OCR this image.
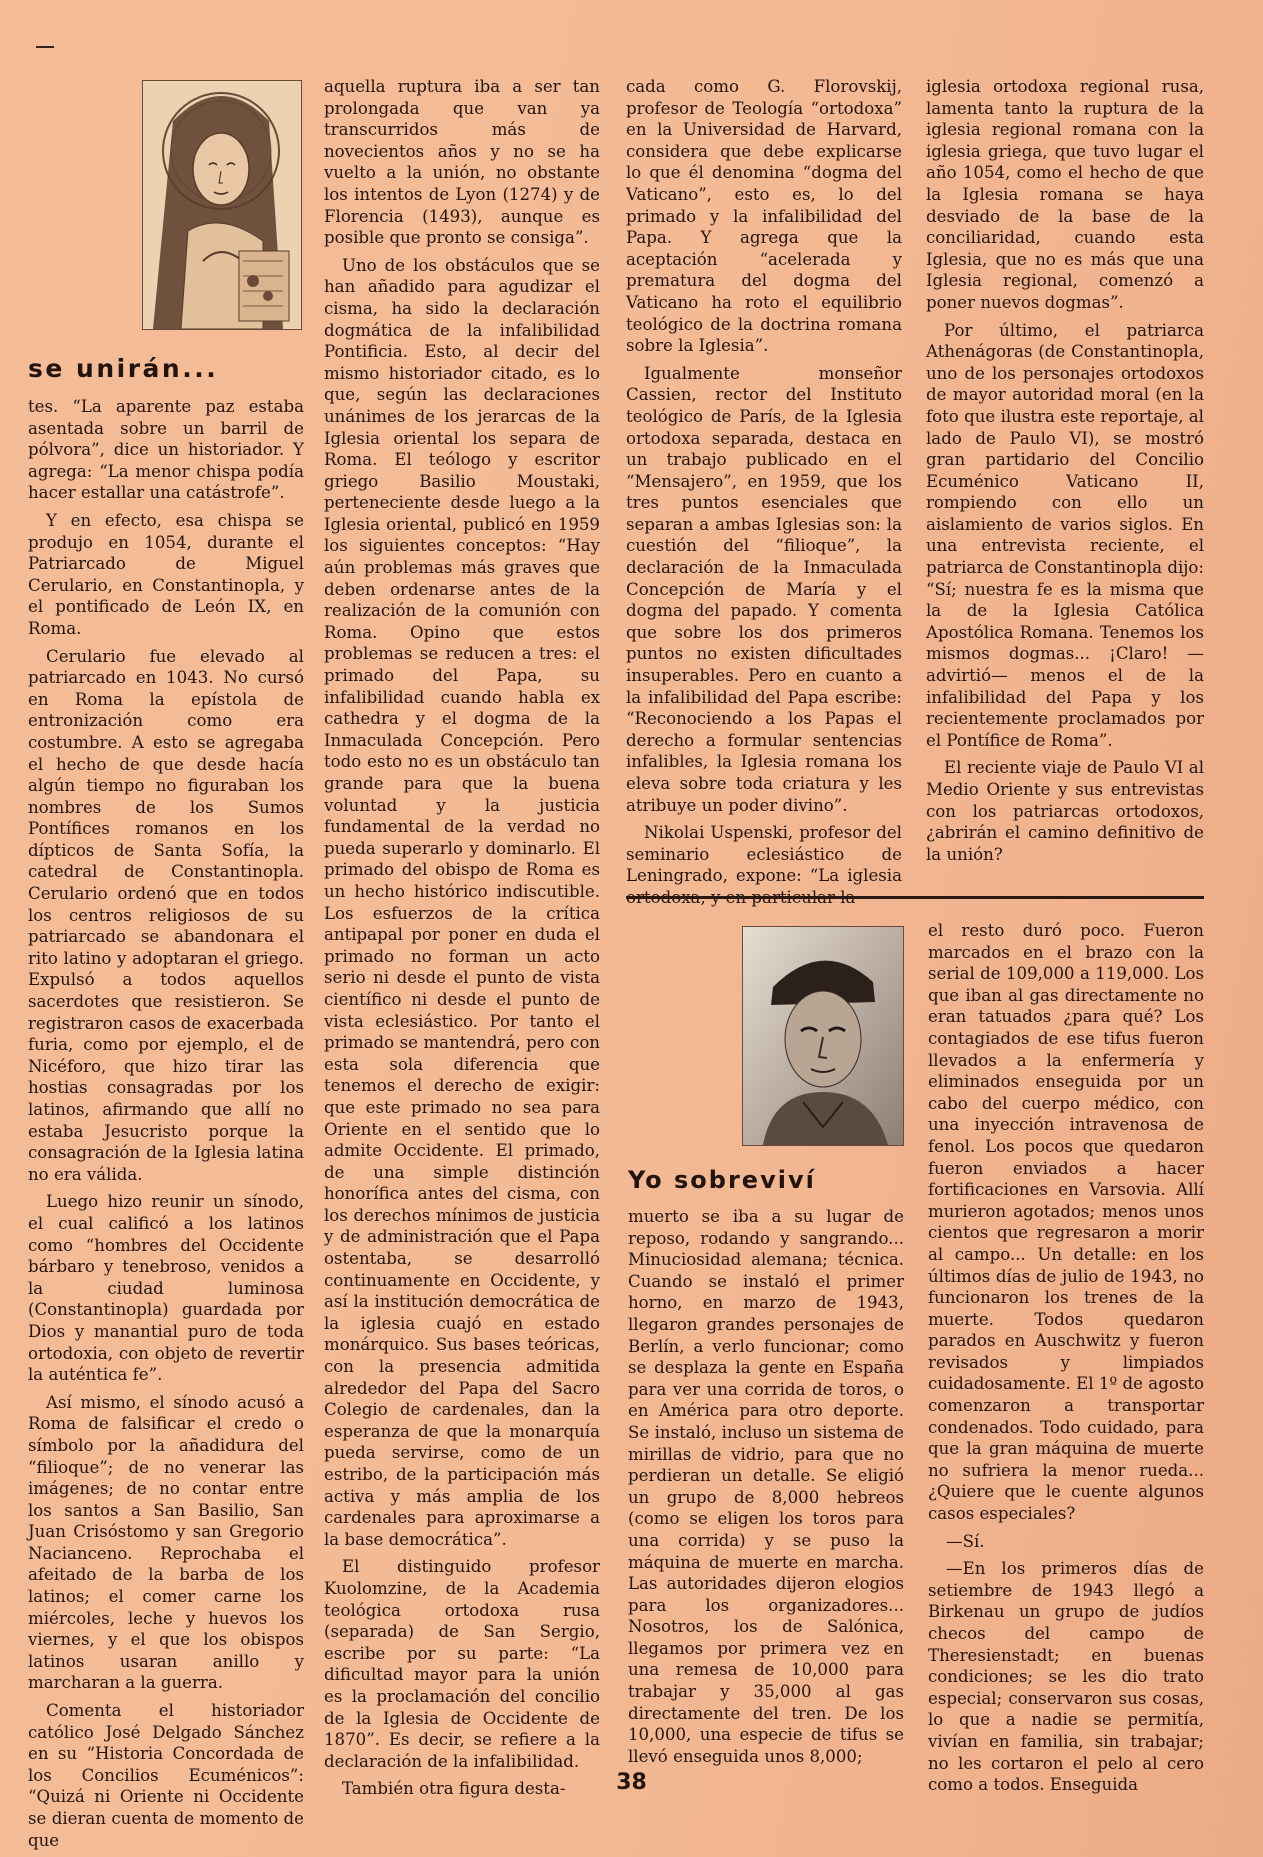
se unirán...

tes. “La aparente paz estaba asentada sobre un barril de pólvora”, dice un historiador. Y agrega: “La menor chispa podía hacer estallar una catástrofe”.

Y en efecto, esa chispa se produjo en 1054, durante el Patriarcado de Miguel Cerulario, en Constantinopla, y el pontificado de León IX, en Roma.

Cerulario fue elevado al patriarcado en 1043. No cursó en Roma la epístola de entronización como era costumbre. A esto se agregaba el hecho de que desde hacía algún tiempo no figuraban los nombres de los Sumos Pontífices romanos en los dípticos de Santa Sofía, la catedral de Constantinopla. Cerulario ordenó que en todos los centros religiosos de su patriarcado se abandonara el rito latino y adoptaran el griego. Expulsó a todos aquellos sacerdotes que resistieron. Se registraron casos de exacerbada furia, como por ejemplo, el de Nicéforo, que hizo tirar las hostias consagradas por los latinos, afirmando que allí no estaba Jesucristo porque la consagración de la Iglesia latina no era válida.

Luego hizo reunir un sínodo, el cual calificó a los latinos como “hombres del Occidente bárbaro y tenebroso, venidos a la ciudad luminosa (Constantinopla) guardada por Dios y manantial puro de toda ortodoxia, con objeto de revertir la auténtica fe”.

Así mismo, el sínodo acusó a Roma de falsificar el credo o símbolo por la añadidura del “filioque”; de no venerar las imágenes; de no contar entre los santos a San Basilio, San Juan Crisóstomo y san Gregorio Nacianceno. Reprochaba el afeitado de la barba de los latinos; el comer carne los miércoles, leche y huevos los viernes, y el que los obispos latinos usaran anillo y marcharan a la guerra.

Comenta el historiador católico José Delgado Sánchez en su “Historia Concordada de los Concilios Ecuménicos”: “Quizá ni Oriente ni Occidente se dieran cuenta de momento de que

aquella ruptura iba a ser tan prolongada que van ya transcurridos más de novecientos años y no se ha vuelto a la unión, no obstante los intentos de Lyon (1274) y de Florencia (1493), aunque es posible que pronto se consiga”.

Uno de los obstáculos que se han añadido para agudizar el cisma, ha sido la declaración dogmática de la infalibilidad Pontificia. Esto, al decir del mismo historiador citado, es lo que, según las declaraciones unánimes de los jerarcas de la Iglesia oriental los separa de Roma. El teólogo y escritor griego Basilio Moustaki, perteneciente desde luego a la Iglesia oriental, publicó en 1959 los siguientes conceptos: “Hay aún problemas más graves que deben ordenarse antes de la realización de la comunión con Roma. Opino que estos problemas se reducen a tres: el primado del Papa, su infalibilidad cuando habla ex cathedra y el dogma de la Inmaculada Concepción. Pero todo esto no es un obstáculo tan grande para que la buena voluntad y la justicia fundamental de la verdad no pueda superarlo y dominarlo. El primado del obispo de Roma es un hecho histórico indiscutible. Los esfuerzos de la crítica antipapal por poner en duda el primado no forman un acto serio ni desde el punto de vista científico ni desde el punto de vista eclesiástico. Por tanto el primado se mantendrá, pero con esta sola diferencia que tenemos el derecho de exigir: que este primado no sea para Oriente en el sentido que lo admite Occidente. El primado, de una simple distinción honorífica antes del cisma, con los derechos mínimos de justicia y de administración que el Papa ostentaba, se desarrolló continuamente en Occidente, y así la institución democrática de la iglesia cuajó en estado monárquico. Sus bases teóricas, con la presencia admitida alrededor del Papa del Sacro Colegio de cardenales, dan la esperanza de que la monarquía pueda servirse, como de un estribo, de la participación más activa y más amplia de los cardenales para aproximarse a la base democrática”.

El distinguido profesor Kuolomzine, de la Academia teológica ortodoxa rusa (separada) de San Sergio, escribe por su parte: “La dificultad mayor para la unión es la proclamación del concilio de la Iglesia de Occidente de 1870”. Es decir, se refiere a la declaración de la infalibilidad.

También otra figura desta-

cada como G. Florovskij, profesor de Teología “ortodoxa” en la Universidad de Harvard, considera que debe explicarse lo que él denomina “dogma del Vaticano”, esto es, lo del primado y la infalibilidad del Papa. Y agrega que la aceptación “acelerada y prematura del dogma del Vaticano ha roto el equilibrio teológico de la doctrina romana sobre la Iglesia”.

Igualmente monseñor Cassien, rector del Instituto teológico de París, de la Iglesia ortodoxa separada, destaca en un trabajo publicado en el “Mensajero”, en 1959, que los tres puntos esenciales que separan a ambas Iglesias son: la cuestión del “filioque”, la declaración de la Inmaculada Concepción de María y el dogma del papado. Y comenta que sobre los dos primeros puntos no existen dificultades insuperables. Pero en cuanto a la infalibilidad del Papa escribe: “Reconociendo a los Papas el derecho a formular sentencias infalibles, la Iglesia romana los eleva sobre toda criatura y les atribuye un poder divino”.

Nikolai Uspenski, profesor del seminario eclesiástico de Leningrado, expone: “La iglesia

iglesia ortodoxa regional rusa, lamenta tanto la ruptura de la iglesia regional romana con la iglesia griega, que tuvo lugar el año 1054, como el hecho de que la Iglesia romana se haya desviado de la base de la conciliaridad, cuando esta Iglesia, que no es más que una Iglesia regional, comenzó a poner nuevos dogmas”.

Por último, el patriarca Athenágoras (de Constantinopla, uno de los personajes ortodoxos de mayor autoridad moral (en la foto que ilustra este reportaje, al lado de Paulo VI), se mostró gran partidario del Concilio Ecuménico Vaticano II, rompiendo con ello un aislamiento de varios siglos. En una entrevista reciente, el patriarca de Constantinopla dijo: “Sí; nuestra fe es la misma que la de la Iglesia Católica Apostólica Romana. Tenemos los mismos dogmas... ¡Claro! —advirtió— menos el de la infalibilidad del Papa y los recientemente proclamados por el Pontífice de Roma”.

El reciente viaje de Paulo VI al Medio Oriente y sus entrevistas con los patriarcas ortodoxos, ¿abrirán el camino definitivo de la unión?

Yo sobreviví

muerto se iba a su lugar de reposo, rodando y sangrando... Minuciosidad alemana; técnica. Cuando se instaló el primer horno, en marzo de 1943, llegaron grandes personajes de Berlín, a verlo funcionar; como se desplaza la gente en España para ver una corrida de toros, o en América para otro deporte. Se instaló, incluso un sistema de mirillas de vidrio, para que no perdieran un detalle. Se eligió un grupo de 8,000 hebreos (como se eligen los toros para una corrida) y se puso la máquina de muerte en marcha. Las autoridades dijeron elogios para los organizadores... Nosotros, los de Salónica, llegamos por primera vez en una remesa de 10,000 para trabajar y 35,000 al gas directamente del tren. De los 10,000, una especie de tifus se llevó enseguida unos 8,000;

el resto duró poco. Fueron marcados en el brazo con la serial de 109,000 a 119,000. Los que iban al gas directamente no eran tatuados ¿para qué? Los contagiados de ese tifus fueron llevados a la enfermería y eliminados enseguida por un cabo del cuerpo médico, con una inyección intravenosa de fenol. Los pocos que quedaron fueron enviados a hacer fortificaciones en Varsovia. Allí murieron agotados; menos unos cientos que regresaron a morir al campo... Un detalle: en los últimos días de julio de 1943, no funcionaron los trenes de la muerte. Todos quedaron parados en Auschwitz y fueron revisados y limpiados cuidadosamente. El 1º de agosto comenzaron a transportar condenados. Todo cuidado, para que la gran máquina de muerte no sufriera la menor rueda... ¿Quiere que le cuente algunos casos especiales?

—Sí.

—En los primeros días de setiembre de 1943 llegó a Birkenau un grupo de judíos checos del campo de Theresienstadt; en buenas condiciones; se les dio trato especial; conservaron sus cosas, lo que a nadie se permitía, vivían en familia, sin trabajar; no les cortaron el pelo al cero como a todos. Enseguida

38
